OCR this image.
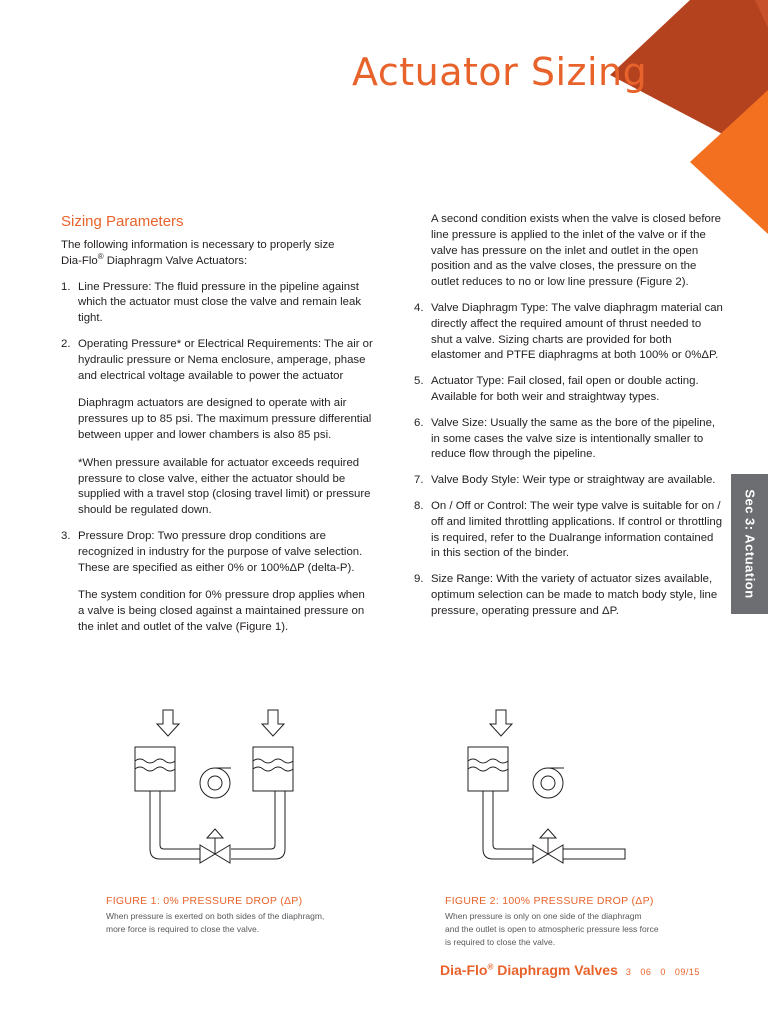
Actuator Sizing
Sec 3: Actuation
Sizing Parameters

The following information is necessary to properly size
Dia-Flo® Diaphragm Valve Actuators:

1. Line Pressure: The fluid pressure in the pipeline against which the actuator must close the valve and remain leak tight.

2. Operating Pressure* or Electrical Requirements: The air or hydraulic pressure or Nema enclosure, amperage, phase and electrical voltage available to power the actuator

Diaphragm actuators are designed to operate with air pressures up to 85 psi. The maximum pressure differential between upper and lower chambers is also 85 psi.

*When pressure available for actuator exceeds required pressure to close valve, either the actuator should be supplied with a travel stop (closing travel limit) or pressure should be regulated down.

3. Pressure Drop: Two pressure drop conditions are recognized in industry for the purpose of valve selection. These are specified as either 0% or 100%ΔP (delta-P).

The system condition for 0% pressure drop applies when a valve is being closed against a maintained pressure on the inlet and outlet of the valve (Figure 1).

A second condition exists when the valve is closed before line pressure is applied to the inlet of the valve or if the valve has pressure on the inlet and outlet in the open position and as the valve closes, the pressure on the outlet reduces to no or low line pressure (Figure 2).

4. Valve Diaphragm Type: The valve diaphragm material can directly affect the required amount of thrust needed to shut a valve. Sizing charts are provided for both elastomer and PTFE diaphragms at both 100% or 0%ΔP.

5. Actuator Type: Fail closed, fail open or double acting. Available for both weir and straightway types.

6. Valve Size: Usually the same as the bore of the pipeline, in some cases the valve size is intentionally smaller to reduce flow through the pipeline.

7. Valve Body Style: Weir type or straightway are available.

8. On / Off or Control: The weir type valve is suitable for on / off and limited throttling applications. If control or throttling is required, refer to the Dualrange information contained in this section of the binder.

9. Size Range: With the variety of actuator sizes available, optimum selection can be made to match body style, line pressure, operating pressure and ΔP.

FIGURE 1: 0% PRESSURE DROP (ΔP)
When pressure is exerted on both sides of the diaphragm,
more force is required to close the valve.
FIGURE 2: 100% PRESSURE DROP (ΔP)
When pressure is only on one side of the diaphragm
and the outlet is open to atmospheric pressure less force
is required to close the valve.
Dia-Flo® Diaphragm Valves 3   06   0   09/15
